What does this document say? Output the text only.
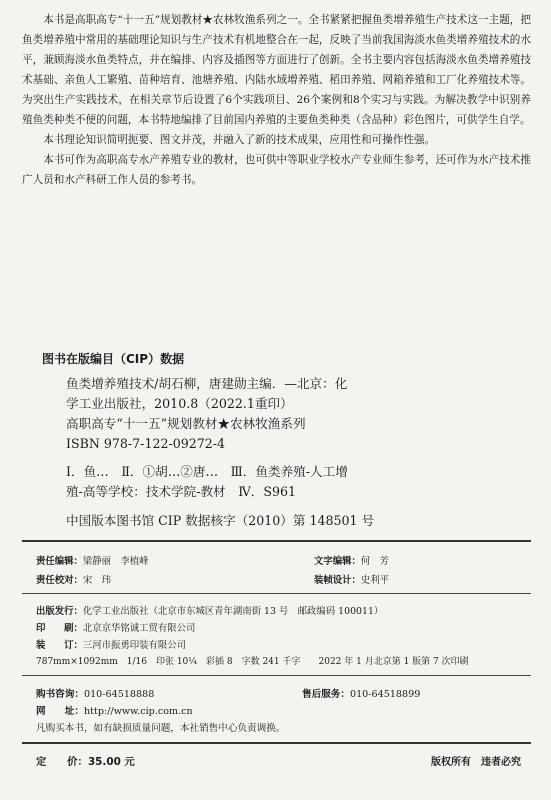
本书是高职高专“十一五”规划教材★农林牧渔系列之一。全书紧紧把握鱼类增养殖生产技术这一主题，把鱼类增养殖中常用的基础理论知识与生产技术有机地整合在一起，反映了当前我国海淡水鱼类增养殖技术的水平，兼顾海淡水鱼类特点，并在编排、内容及插图等方面进行了创新。全书主要内容包括海淡水鱼类增养殖技术基础、亲鱼人工繁殖、苗种培育、池塘养殖、内陆水域增养殖、稻田养殖、网箱养殖和工厂化养殖技术等。为突出生产实践技术，在相关章节后设置了6个实践项目、26个案例和8个实习与实践。为解决教学中识别养殖鱼类种类不便的问题，本书特地编排了目前国内养殖的主要鱼类种类（含品种）彩色图片，可供学生自学。

本书理论知识简明扼要、图文并茂，并融入了新的技术成果，应用性和可操作性强。

本书可作为高职高专水产养殖专业的教材，也可供中等职业学校水产专业师生参考，还可作为水产技术推广人员和水产科研工作人员的参考书。

图书在版编目（CIP）数据
鱼类增养殖技术/胡石柳，唐建勋主编．—北京：化
学工业出版社，2010.8（2022.1重印）
高职高专“十一五”规划教材★农林牧渔系列
ISBN 978-7-122-09272-4
Ⅰ．鱼…　Ⅱ．①胡…②唐…　Ⅲ．鱼类养殖-人工增
殖-高等学校：技术学院-教材　Ⅳ．S961
中国版本图书馆 CIP 数据核字（2010）第 148501 号
责任编辑：梁静丽　李植峰	文字编辑：何　芳
责任校对：宋　玮	装帧设计：史利平
出版发行：化学工业出版社（北京市东城区青年湖南街 13 号　邮政编码 100011）
印　　刷：北京京华铭诚工贸有限公司
装　　订：三河市振勇印装有限公司
787mm×1092mm　1/16　印张 10¼　彩插 8　字数 241 千字　　2022 年 1 月北京第 1 版第 7 次印刷
购书咨询：010-64518888	售后服务：010-64518899
网　　址：http://www.cip.com.cn
凡购买本书，如有缺损质量问题，本社销售中心负责调换。
定　　价：35.00 元	版权所有　违者必究
